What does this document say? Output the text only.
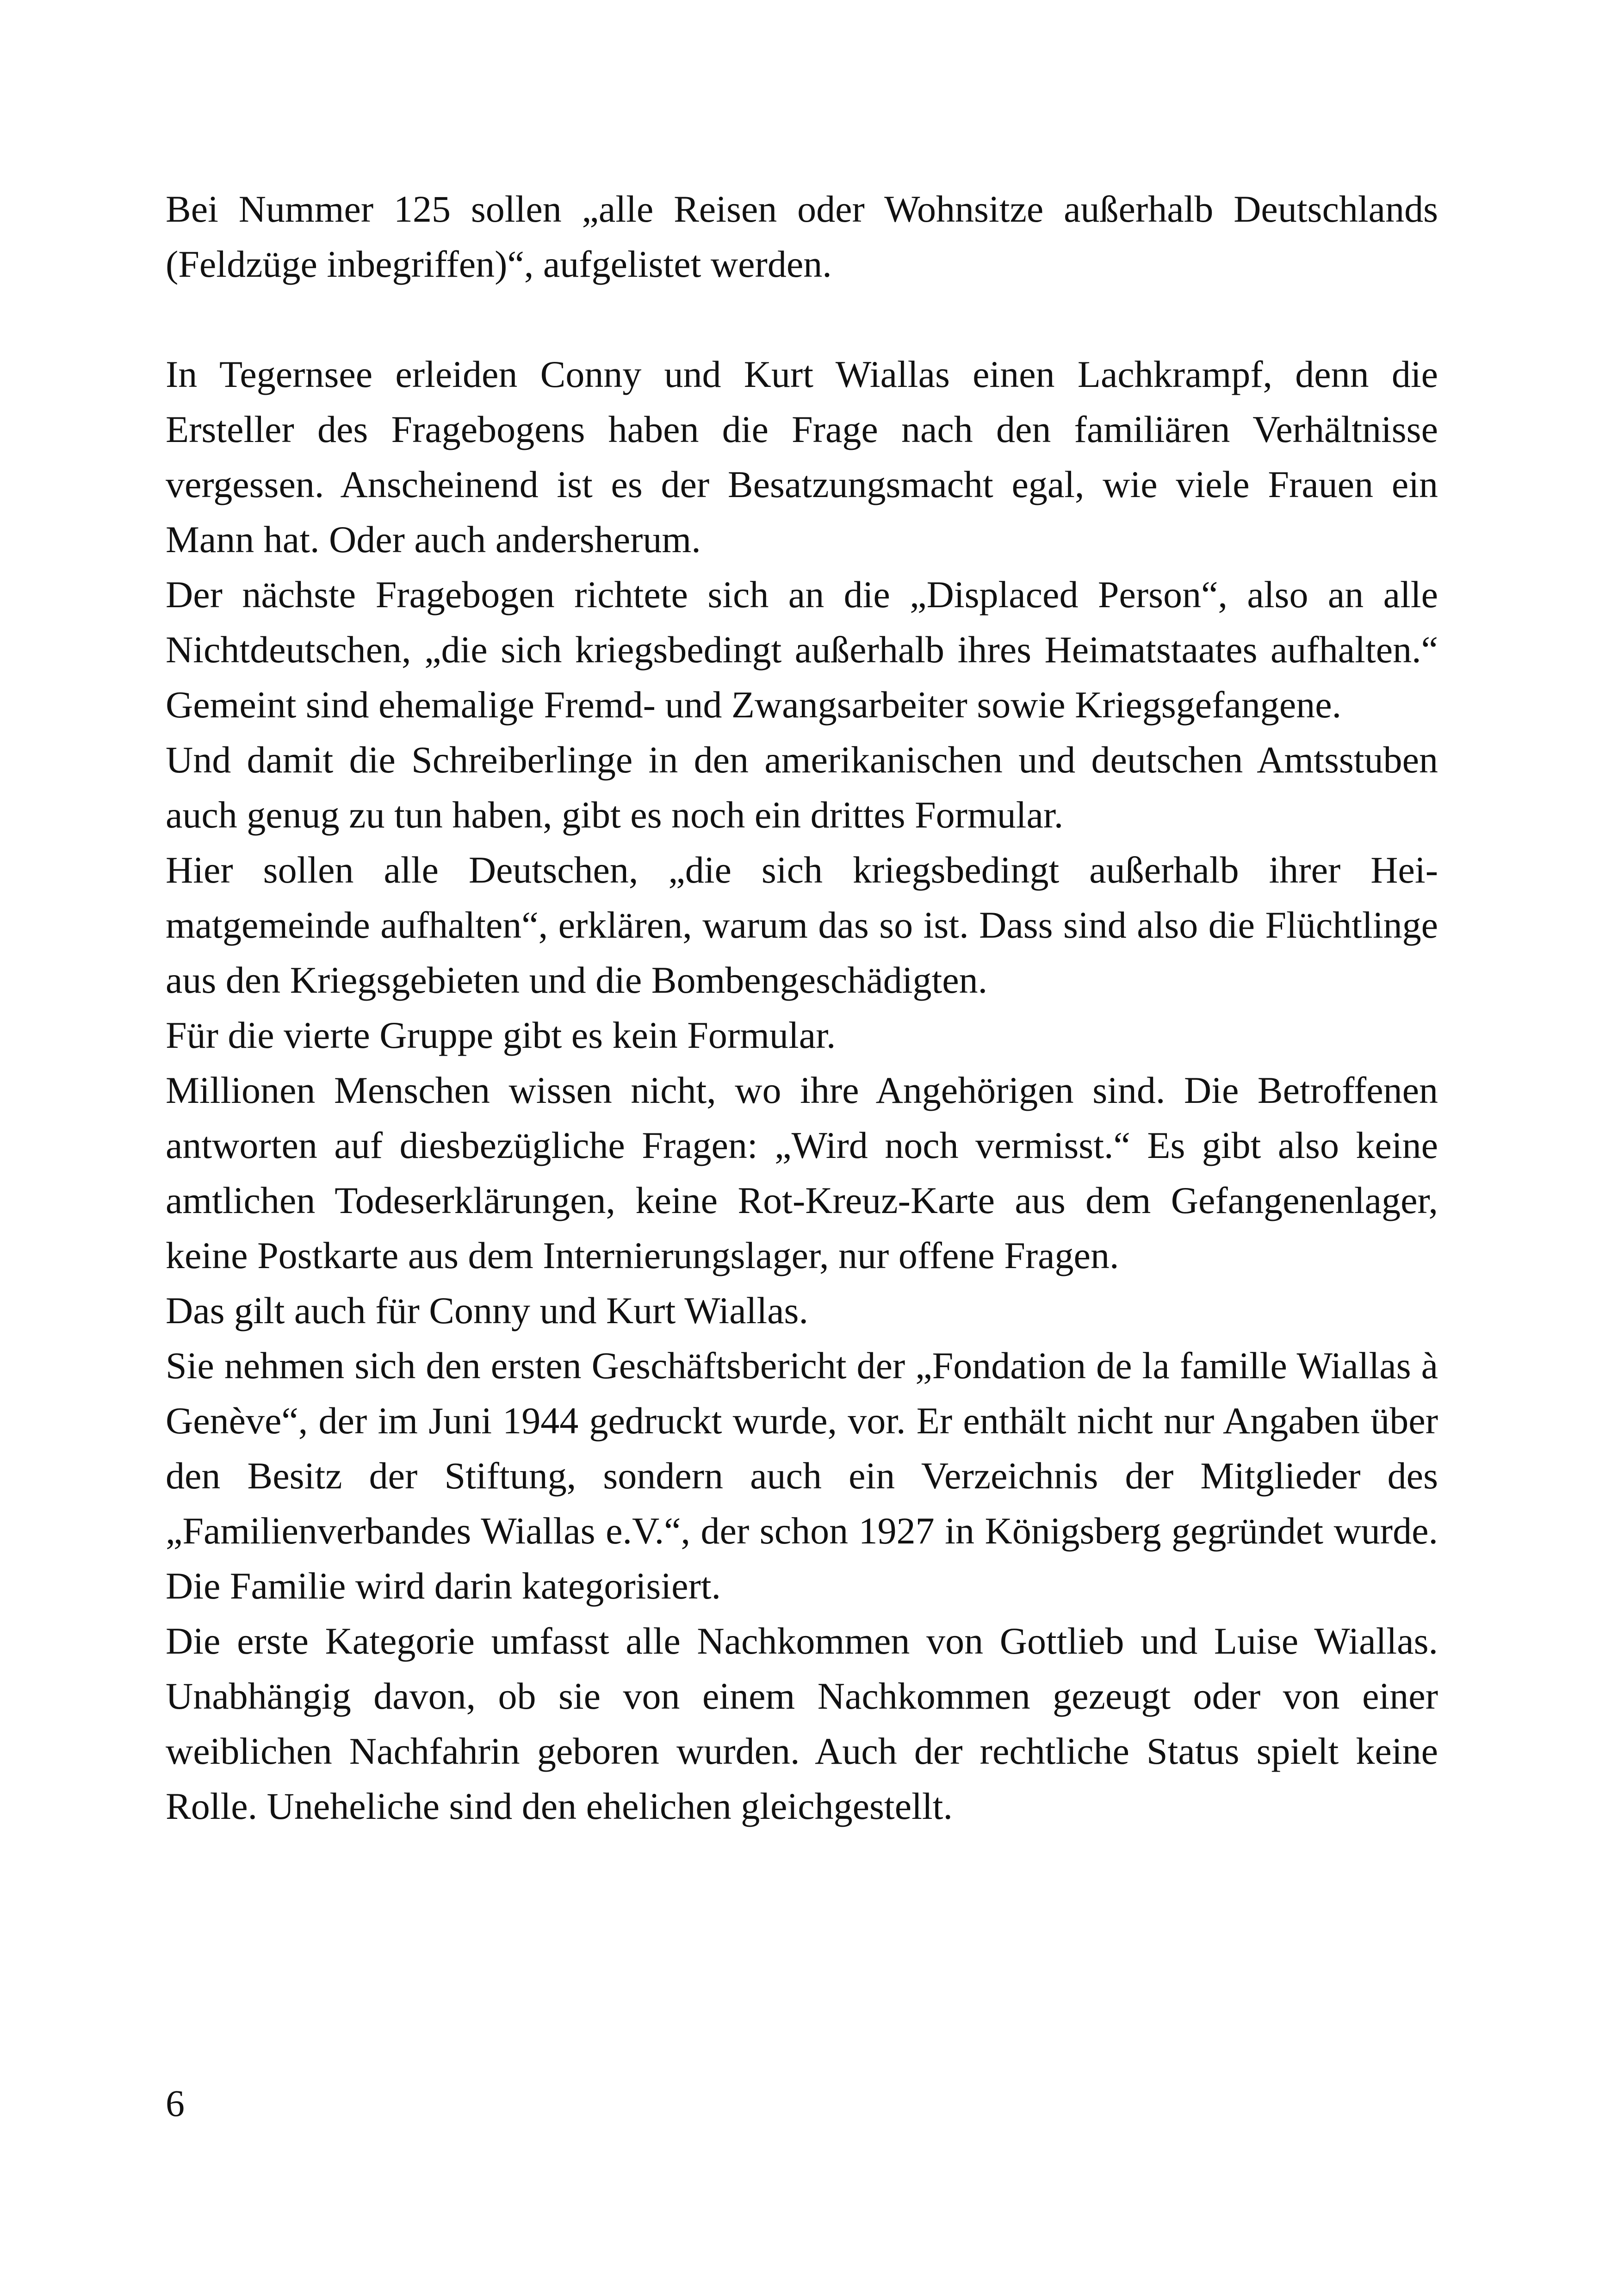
Bei Nummer 125 sollen „alle Reisen oder Wohnsitze außerhalb Deutschlands (Feldzüge inbegriffen)“, aufgelistet werden.

In Tegernsee erleiden Conny und Kurt Wiallas einen Lachkrampf, denn die Ersteller des Fragebogens haben die Frage nach den familiären Verhältnisse vergessen. Anscheinend ist es der Besatzungsmacht egal, wie viele Frauen ein Mann hat. Oder auch andersherum.

Der nächste Fragebogen richtete sich an die „Displaced Person“, also an alle Nichtdeutschen, „die sich kriegsbedingt außerhalb ihres Heimatstaates aufhalten.“ Gemeint sind ehemalige Fremd- und Zwangsarbeiter sowie Kriegsgefangene.

Und damit die Schreiberlinge in den amerikanischen und deutschen Amtsstuben auch genug zu tun haben, gibt es noch ein drittes Formular.

Hier sollen alle Deutschen, „die sich kriegsbedingt außerhalb ihrer Heimatgemeinde aufhalten“, erklären, warum das so ist. Dass sind also die Flüchtlinge aus den Kriegsgebieten und die Bombengeschädigten.

Für die vierte Gruppe gibt es kein Formular.

Millionen Menschen wissen nicht, wo ihre Angehörigen sind. Die Betroffenen antworten auf diesbezügliche Fragen: „Wird noch vermisst.“ Es gibt also keine amtlichen Todeserklärungen, keine Rot-Kreuz-Karte aus dem Gefangenenlager, keine Postkarte aus dem Internierungslager, nur offene Fragen.

Das gilt auch für Conny und Kurt Wiallas.

Sie nehmen sich den ersten Geschäftsbericht der „Fondation de la famille Wiallas à Genève“, der im Juni 1944 gedruckt wurde, vor. Er enthält nicht nur Angaben über den Besitz der Stiftung, sondern auch ein Verzeichnis der Mitglieder des „Familienverbandes Wiallas e.V.“, der schon 1927 in Königsberg gegründet wurde. Die Familie wird darin kategorisiert.

Die erste Kategorie umfasst alle Nachkommen von Gottlieb und Luise Wiallas. Unabhängig davon, ob sie von einem Nachkommen gezeugt oder von einer weiblichen Nachfahrin geboren wurden. Auch der rechtliche Status spielt keine Rolle. Uneheliche sind den ehelichen gleichgestellt.

6
